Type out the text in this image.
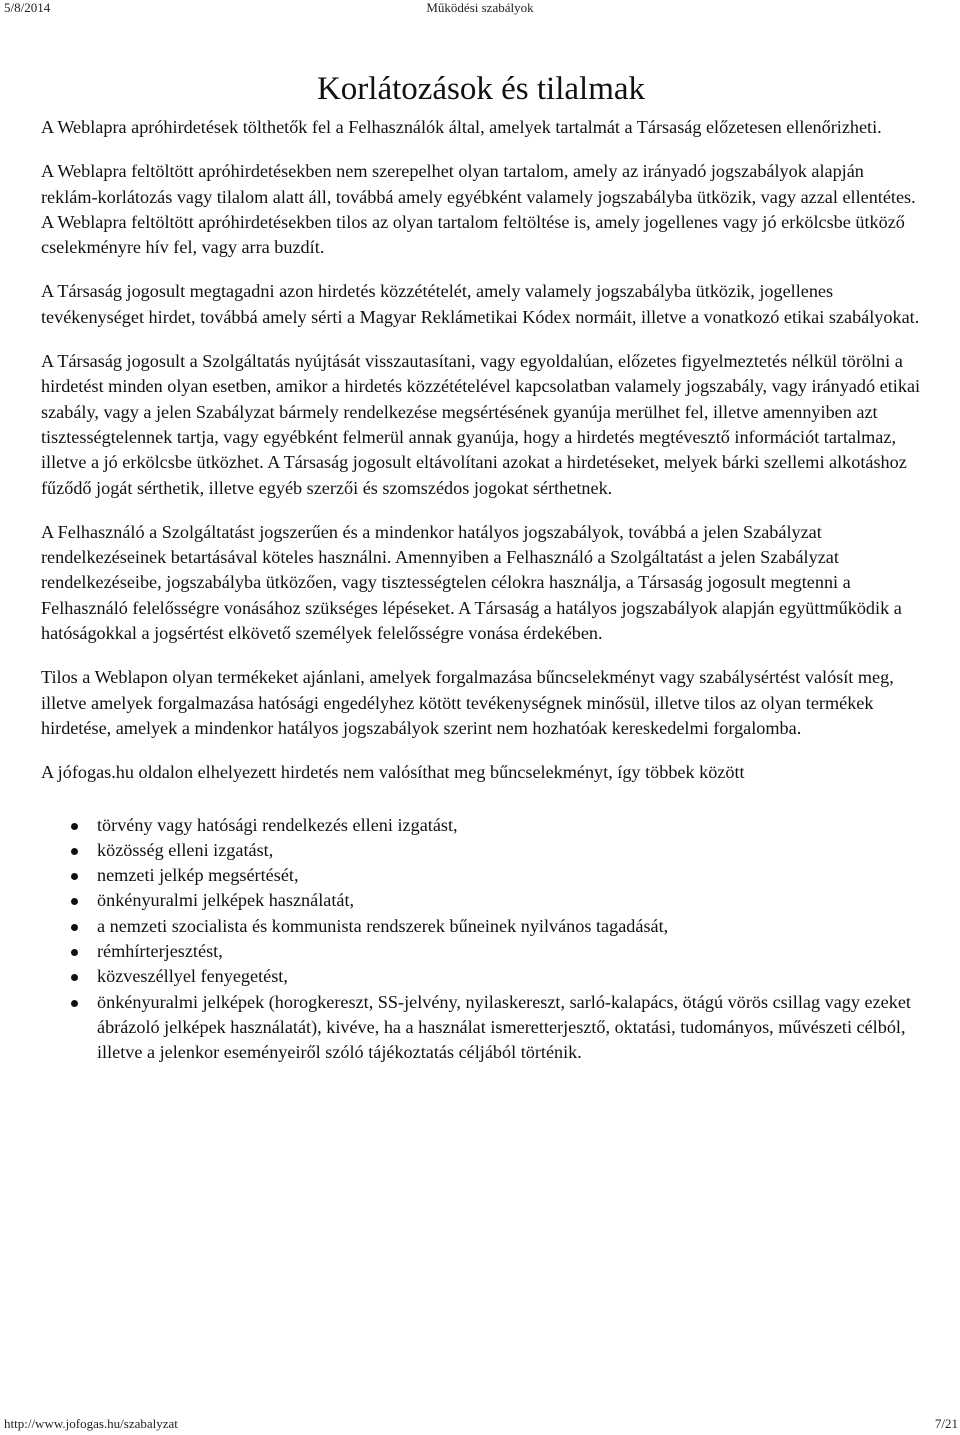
5/8/2014	Működési szabályok
Korlátozások és tilalmak

A Weblapra apróhirdetések tölthetők fel a Felhasználók által, amelyek tartalmát a Társaság előzetesen ellenőrizheti.

A Weblapra feltöltött apróhirdetésekben nem szerepelhet olyan tartalom, amely az irányadó jogszabályok alapján reklám-korlátozás vagy tilalom alatt áll, továbbá amely egyébként valamely jogszabályba ütközik, vagy azzal ellentétes. A Weblapra feltöltött apróhirdetésekben tilos az olyan tartalom feltöltése is, amely jogellenes vagy jó erkölcsbe ütköző cselekményre hív fel, vagy arra buzdít.

A Társaság jogosult megtagadni azon hirdetés közzétételét, amely valamely jogszabályba ütközik, jogellenes tevékenységet hirdet, továbbá amely sérti a Magyar Reklámetikai Kódex normáit, illetve a vonatkozó etikai szabályokat.

A Társaság jogosult a Szolgáltatás nyújtását visszautasítani, vagy egyoldalúan, előzetes figyelmeztetés nélkül törölni a hirdetést minden olyan esetben, amikor a hirdetés közzétételével kapcsolatban valamely jogszabály, vagy irányadó etikai szabály, vagy a jelen Szabályzat bármely rendelkezése megsértésének gyanúja merülhet fel, illetve amennyiben azt tisztességtelennek tartja, vagy egyébként felmerül annak gyanúja, hogy a hirdetés megtévesztő információt tartalmaz, illetve a jó erkölcsbe ütközhet. A Társaság jogosult eltávolítani azokat a hirdetéseket, melyek bárki szellemi alkotáshoz fűződő jogát sérthetik, illetve egyéb szerzői és szomszédos jogokat sérthetnek.

A Felhasználó a Szolgáltatást jogszerűen és a mindenkor hatályos jogszabályok, továbbá a jelen Szabályzat rendelkezéseinek betartásával köteles használni. Amennyiben a Felhasználó a Szolgáltatást a jelen Szabályzat rendelkezéseibe, jogszabályba ütközően, vagy tisztességtelen célokra használja, a Társaság jogosult megtenni a Felhasználó felelősségre vonásához szükséges lépéseket. A Társaság a hatályos jogszabályok alapján együttműködik a hatóságokkal a jogsértést elkövető személyek felelősségre vonása érdekében.

Tilos a Weblapon olyan termékeket ajánlani, amelyek forgalmazása bűncselekményt vagy szabálysértést valósít meg, illetve amelyek forgalmazása hatósági engedélyhez kötött tevékenységnek minősül, illetve tilos az olyan termékek hirdetése, amelyek a mindenkor hatályos jogszabályok szerint nem hozhatóak kereskedelmi forgalomba.

A jófogas.hu oldalon elhelyezett hirdetés nem valósíthat meg bűncselekményt, így többek között

törvény vagy hatósági rendelkezés elleni izgatást,
közösség elleni izgatást,
nemzeti jelkép megsértését,
önkényuralmi jelképek használatát,
a nemzeti szocialista és kommunista rendszerek bűneinek nyilvános tagadását,
rémhírterjesztést,
közveszéllyel fenyegetést,
önkényuralmi jelképek (horogkereszt, SS-jelvény, nyilaskereszt, sarló-kalapács, ötágú vörös csillag vagy ezeket ábrázoló jelképek használatát), kivéve, ha a használat ismeretterjesztő, oktatási, tudományos, művészeti célból, illetve a jelenkor eseményeiről szóló tájékoztatás céljából történik.
http://www.jofogas.hu/szabalyzat	7/21
